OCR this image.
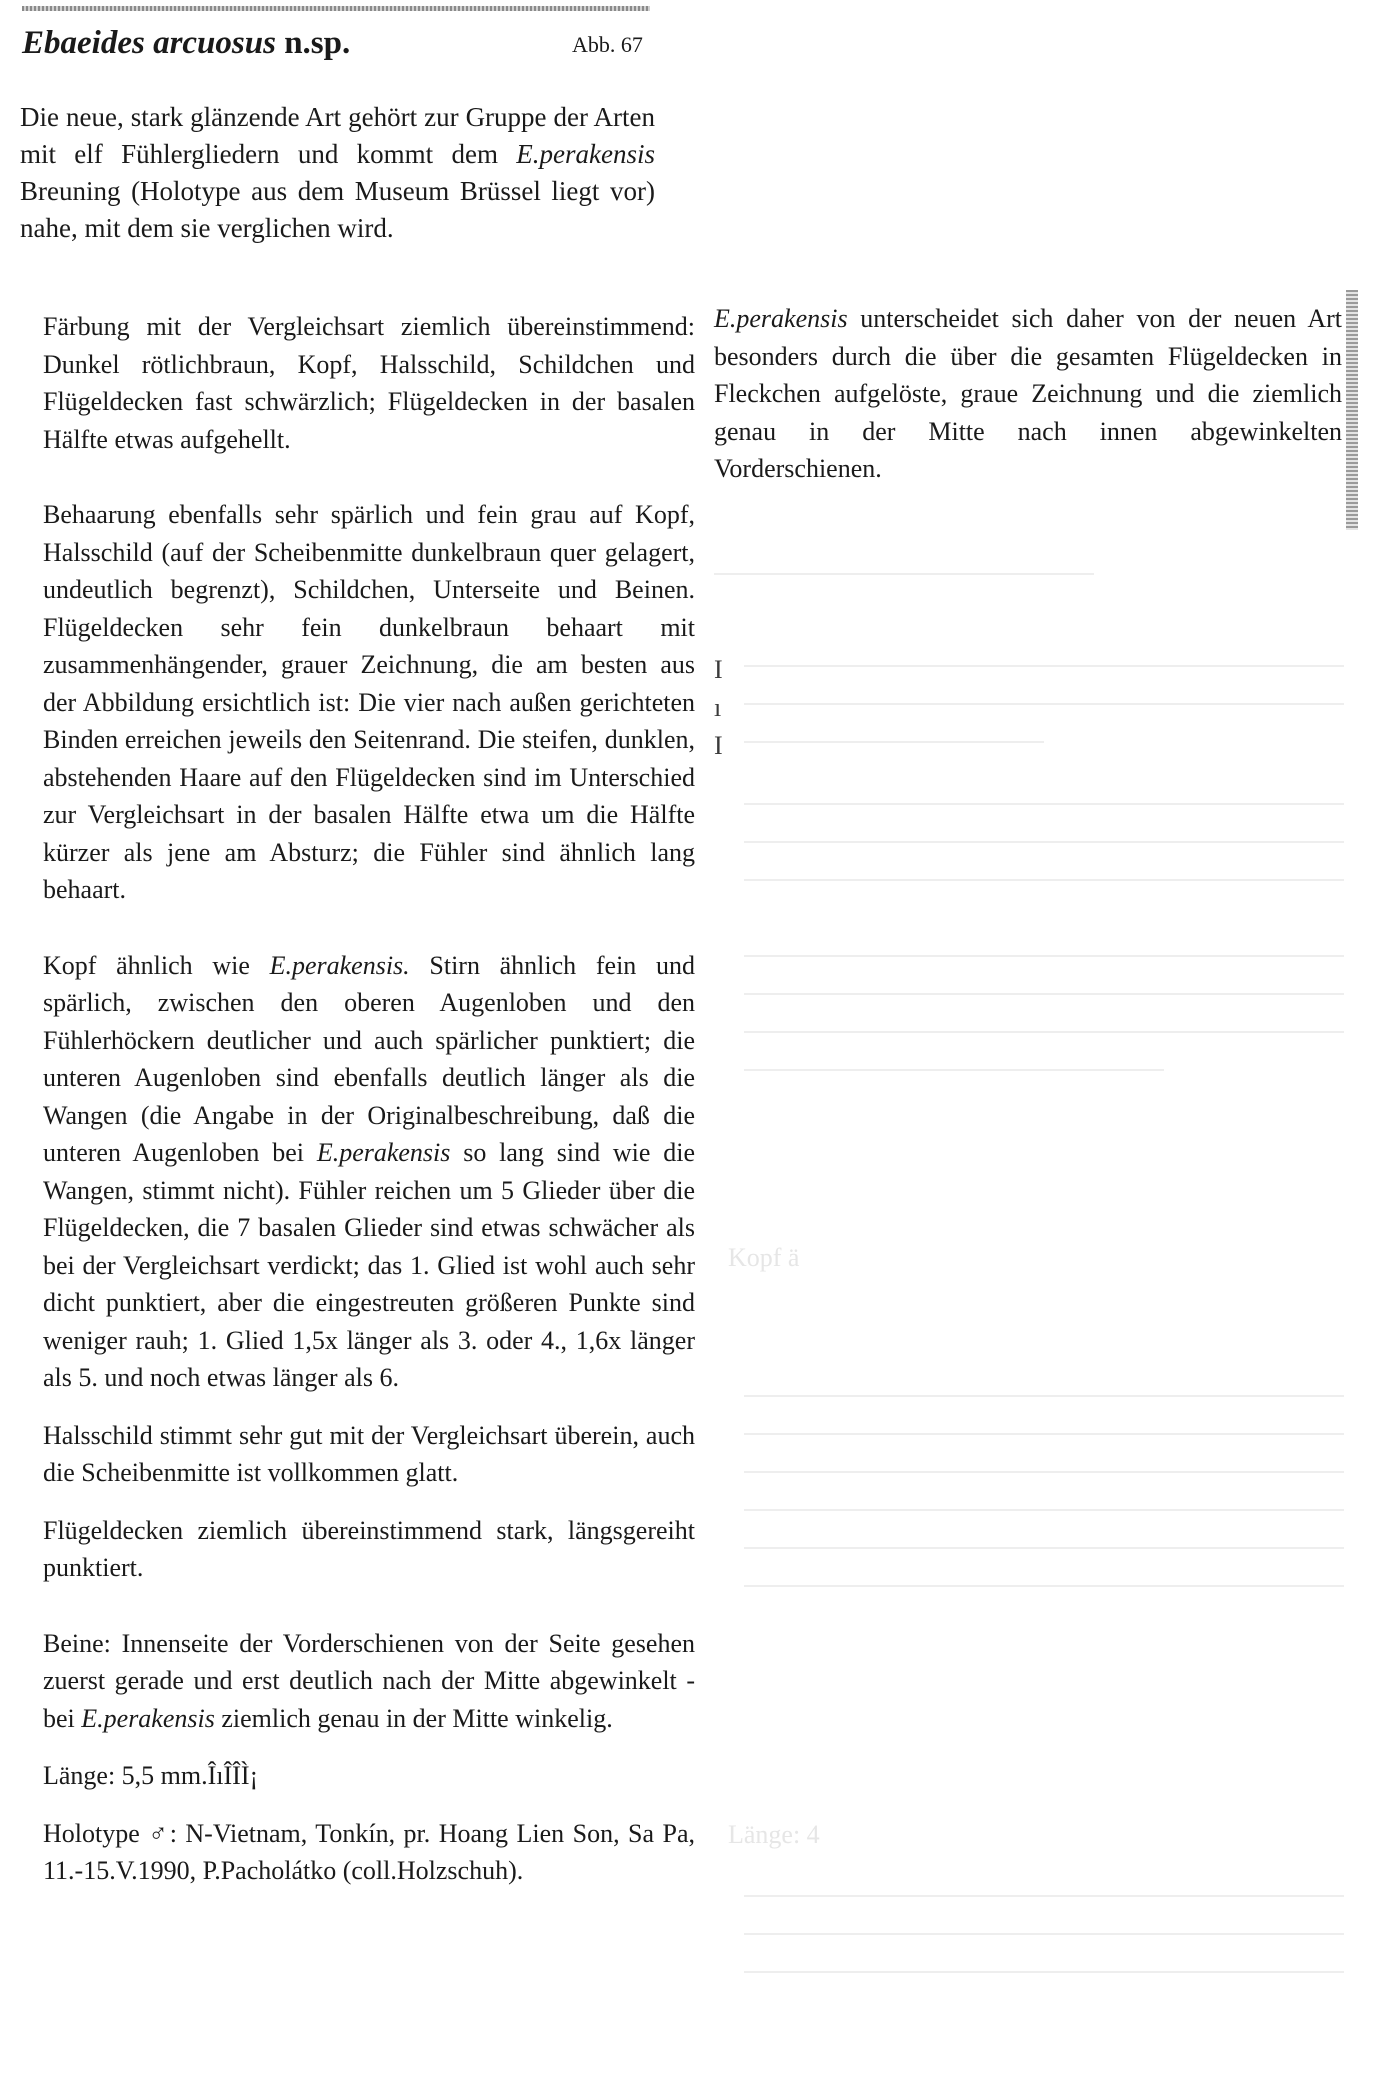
Ebaeides arcuosus n.sp.	Abb. 67
Die neue, stark glänzende Art gehört zur Gruppe der Arten mit elf Fühlergliedern und kommt dem E.perakensis Breuning (Holotype aus dem Museum Brüssel liegt vor) nahe, mit dem sie verglichen wird.

Färbung mit der Vergleichsart ziemlich übereinstimmend: Dunkel rötlichbraun, Kopf, Halsschild, Schildchen und Flügeldecken fast schwärzlich; Flügeldecken in der basalen Hälfte etwas aufgehellt.

Behaarung ebenfalls sehr spärlich und fein grau auf Kopf, Halsschild (auf der Scheibenmitte dunkelbraun quer gelagert, undeutlich begrenzt), Schildchen, Unterseite und Beinen. Flügeldecken sehr fein dunkelbraun behaart mit zusammenhängender, grauer Zeichnung, die am besten aus der Abbildung ersichtlich ist: Die vier nach außen gerichteten Binden erreichen jeweils den Seitenrand. Die steifen, dunklen, abstehenden Haare auf den Flügeldecken sind im Unterschied zur Vergleichsart in der basalen Hälfte etwa um die Hälfte kürzer als jene am Absturz; die Fühler sind ähnlich lang behaart.

Kopf ähnlich wie E.perakensis. Stirn ähnlich fein und spärlich, zwischen den oberen Augenloben und den Fühlerhöckern deutlicher und auch spärlicher punktiert; die unteren Augenloben sind ebenfalls deutlich länger als die Wangen (die Angabe in der Originalbeschreibung, daß die unteren Augenloben bei E.perakensis so lang sind wie die Wangen, stimmt nicht). Fühler reichen um 5 Glieder über die Flügeldecken, die 7 basalen Glieder sind etwas schwächer als bei der Vergleichsart verdickt; das 1. Glied ist wohl auch sehr dicht punktiert, aber die eingestreuten größeren Punkte sind weniger rauh; 1. Glied 1,5x länger als 3. oder 4., 1,6x länger als 5. und noch etwas länger als 6.

Halsschild stimmt sehr gut mit der Vergleichsart überein, auch die Scheibenmitte ist vollkommen glatt.

Flügeldecken ziemlich übereinstimmend stark, längsgereiht punktiert.

Beine: Innenseite der Vorderschienen von der Seite gesehen zuerst gerade und erst deutlich nach der Mitte abgewinkelt - bei E.perakensis ziemlich genau in der Mitte winkelig.

Länge: 5,5 mm.ÎıÎÎÌ¡

Holotype ♂: N-Vietnam, Tonkín, pr. Hoang Lien Son, Sa Pa, 11.-15.V.1990, P.Pacholátko (coll.Holzschuh).

E.perakensis unterscheidet sich daher von der neuen Art besonders durch die über die gesamten Flügeldecken in Fleckchen aufgelöste, graue Zeichnung und die ziemlich genau in der Mitte nach innen abgewinkelten Vorderschienen.

I
ı
I
Kopf ä
Länge: 4
